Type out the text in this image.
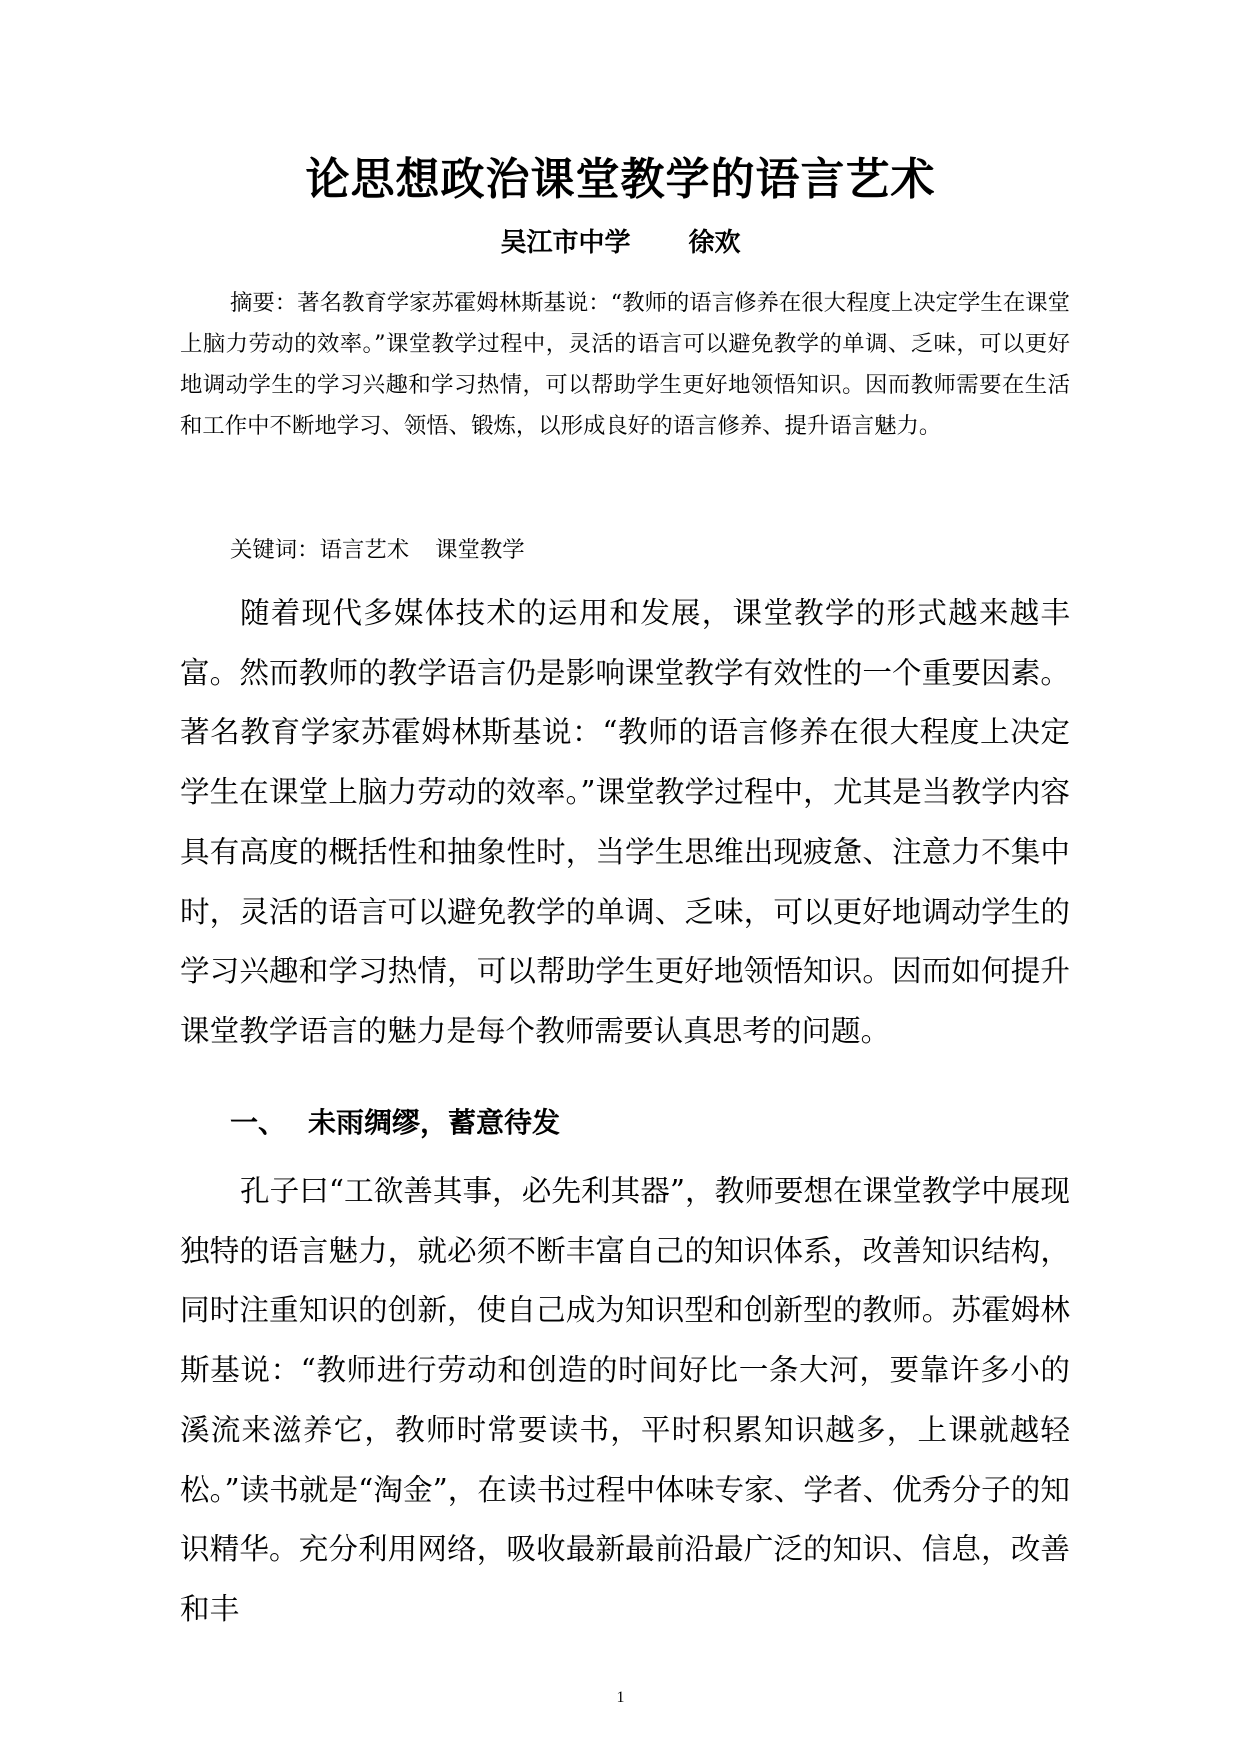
论思想政治课堂教学的语言艺术
吴江市中学 徐欢

摘要：著名教育学家苏霍姆林斯基说：“教师的语言修养在很大程度上决定学生在课堂上脑力劳动的效率。”课堂教学过程中，灵活的语言可以避免教学的单调、乏味，可以更好地调动学生的学习兴趣和学习热情，可以帮助学生更好地领悟知识。因而教师需要在生活和工作中不断地学习、领悟、锻炼，以形成良好的语言修养、提升语言魅力。

关键词：语言艺术 课堂教学

随着现代多媒体技术的运用和发展，课堂教学的形式越来越丰富。然而教师的教学语言仍是影响课堂教学有效性的一个重要因素。著名教育学家苏霍姆林斯基说：“教师的语言修养在很大程度上决定学生在课堂上脑力劳动的效率。”课堂教学过程中，尤其是当教学内容具有高度的概括性和抽象性时，当学生思维出现疲惫、注意力不集中时，灵活的语言可以避免教学的单调、乏味，可以更好地调动学生的学习兴趣和学习热情，可以帮助学生更好地领悟知识。因而如何提升课堂教学语言的魅力是每个教师需要认真思考的问题。

一、 未雨绸缪，蓄意待发

孔子曰“工欲善其事，必先利其器”，教师要想在课堂教学中展现独特的语言魅力，就必须不断丰富自己的知识体系，改善知识结构，同时注重知识的创新，使自己成为知识型和创新型的教师。苏霍姆林斯基说：“教师进行劳动和创造的时间好比一条大河，要靠许多小的溪流来滋养它，教师时常要读书，平时积累知识越多，上课就越轻松。”读书就是“淘金”，在读书过程中体味专家、学者、优秀分子的知识精华。充分利用网络，吸收最新最前沿最广泛的知识、信息，改善和丰

1
